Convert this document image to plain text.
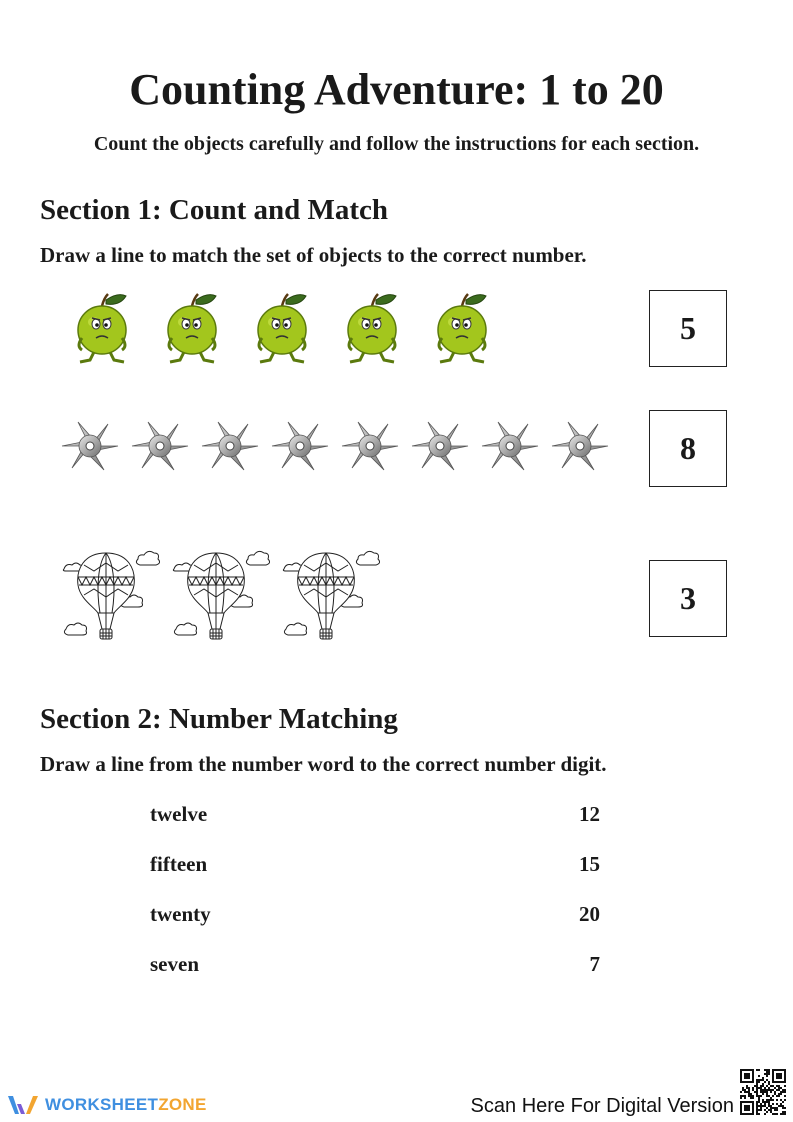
Counting Adventure: 1 to 20
Count the objects carefully and follow the instructions for each section.
Section 1: Count and Match
Draw a line to match the set of objects to the correct number.
5
8
3
Section 2: Number Matching
Draw a line from the number word to the correct number digit.
twelve	12
fifteen	15
twenty	20
seven	7
WORKSHEETZONE	Scan Here For Digital Version
